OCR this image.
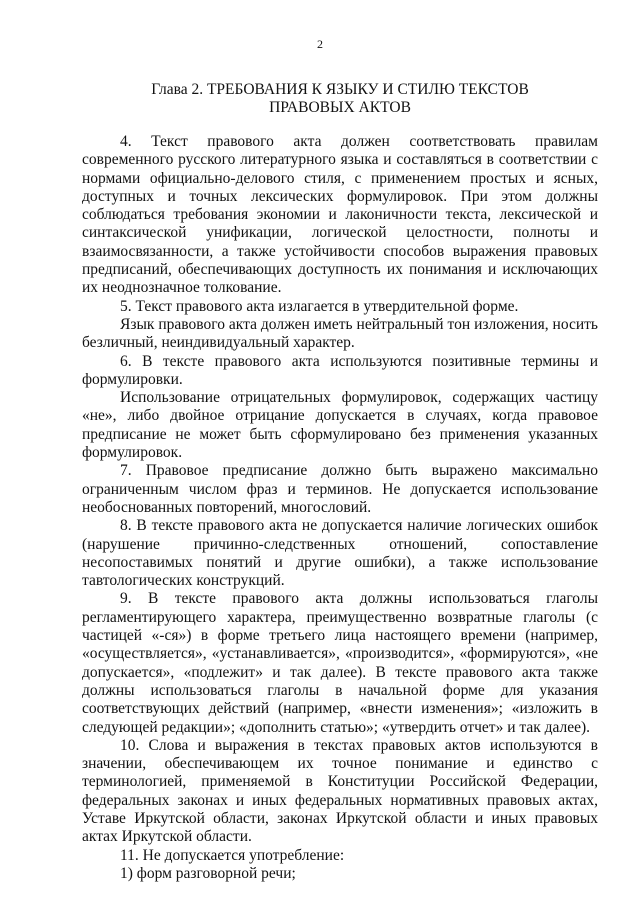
2
Глава 2. ТРЕБОВАНИЯ К ЯЗЫКУ И СТИЛЮ ТЕКСТОВ
ПРАВОВЫХ АКТОВ

4. Текст правового акта должен соответствовать правилам современного русского литературного языка и составляться в соответствии с нормами официально-делового стиля, с применением простых и ясных, доступных и точных лексических формулировок. При этом должны соблюдаться требования экономии и лаконичности текста, лексической и синтаксической унификации, логической целостности, полноты и взаимосвязанности, а также устойчивости способов выражения правовых предписаний, обеспечивающих доступность их понимания и исключающих их неоднозначное толкование.

5. Текст правового акта излагается в утвердительной форме.

Язык правового акта должен иметь нейтральный тон изложения, носить безличный, неиндивидуальный характер.

6. В тексте правового акта используются позитивные термины и формулировки.

Использование отрицательных формулировок, содержащих частицу «не», либо двойное отрицание допускается в случаях, когда правовое предписание не может быть сформулировано без применения указанных формулировок.

7. Правовое предписание должно быть выражено максимально ограниченным числом фраз и терминов. Не допускается использование необоснованных повторений, многословий.

8. В тексте правового акта не допускается наличие логических ошибок (нарушение причинно-следственных отношений, сопоставление несопоставимых понятий и другие ошибки), а также использование тавтологических конструкций.

9. В тексте правового акта должны использоваться глаголы регламентирующего характера, преимущественно возвратные глаголы (с частицей «-ся») в форме третьего лица настоящего времени (например, «осуществляется», «устанавливается», «производится», «формируются», «не допускается», «подлежит» и так далее). В тексте правового акта также должны использоваться глаголы в начальной форме для указания соответствующих действий (например, «внести изменения»; «изложить в следующей редакции»; «дополнить статью»; «утвердить отчет» и так далее).

10. Слова и выражения в текстах правовых актов используются в значении, обеспечивающем их точное понимание и единство с терминологией, применяемой в Конституции Российской Федерации, федеральных законах и иных федеральных нормативных правовых актах, Уставе Иркутской области, законах Иркутской области и иных правовых актах Иркутской области.

11. Не допускается употребление:

1) форм разговорной речи;
